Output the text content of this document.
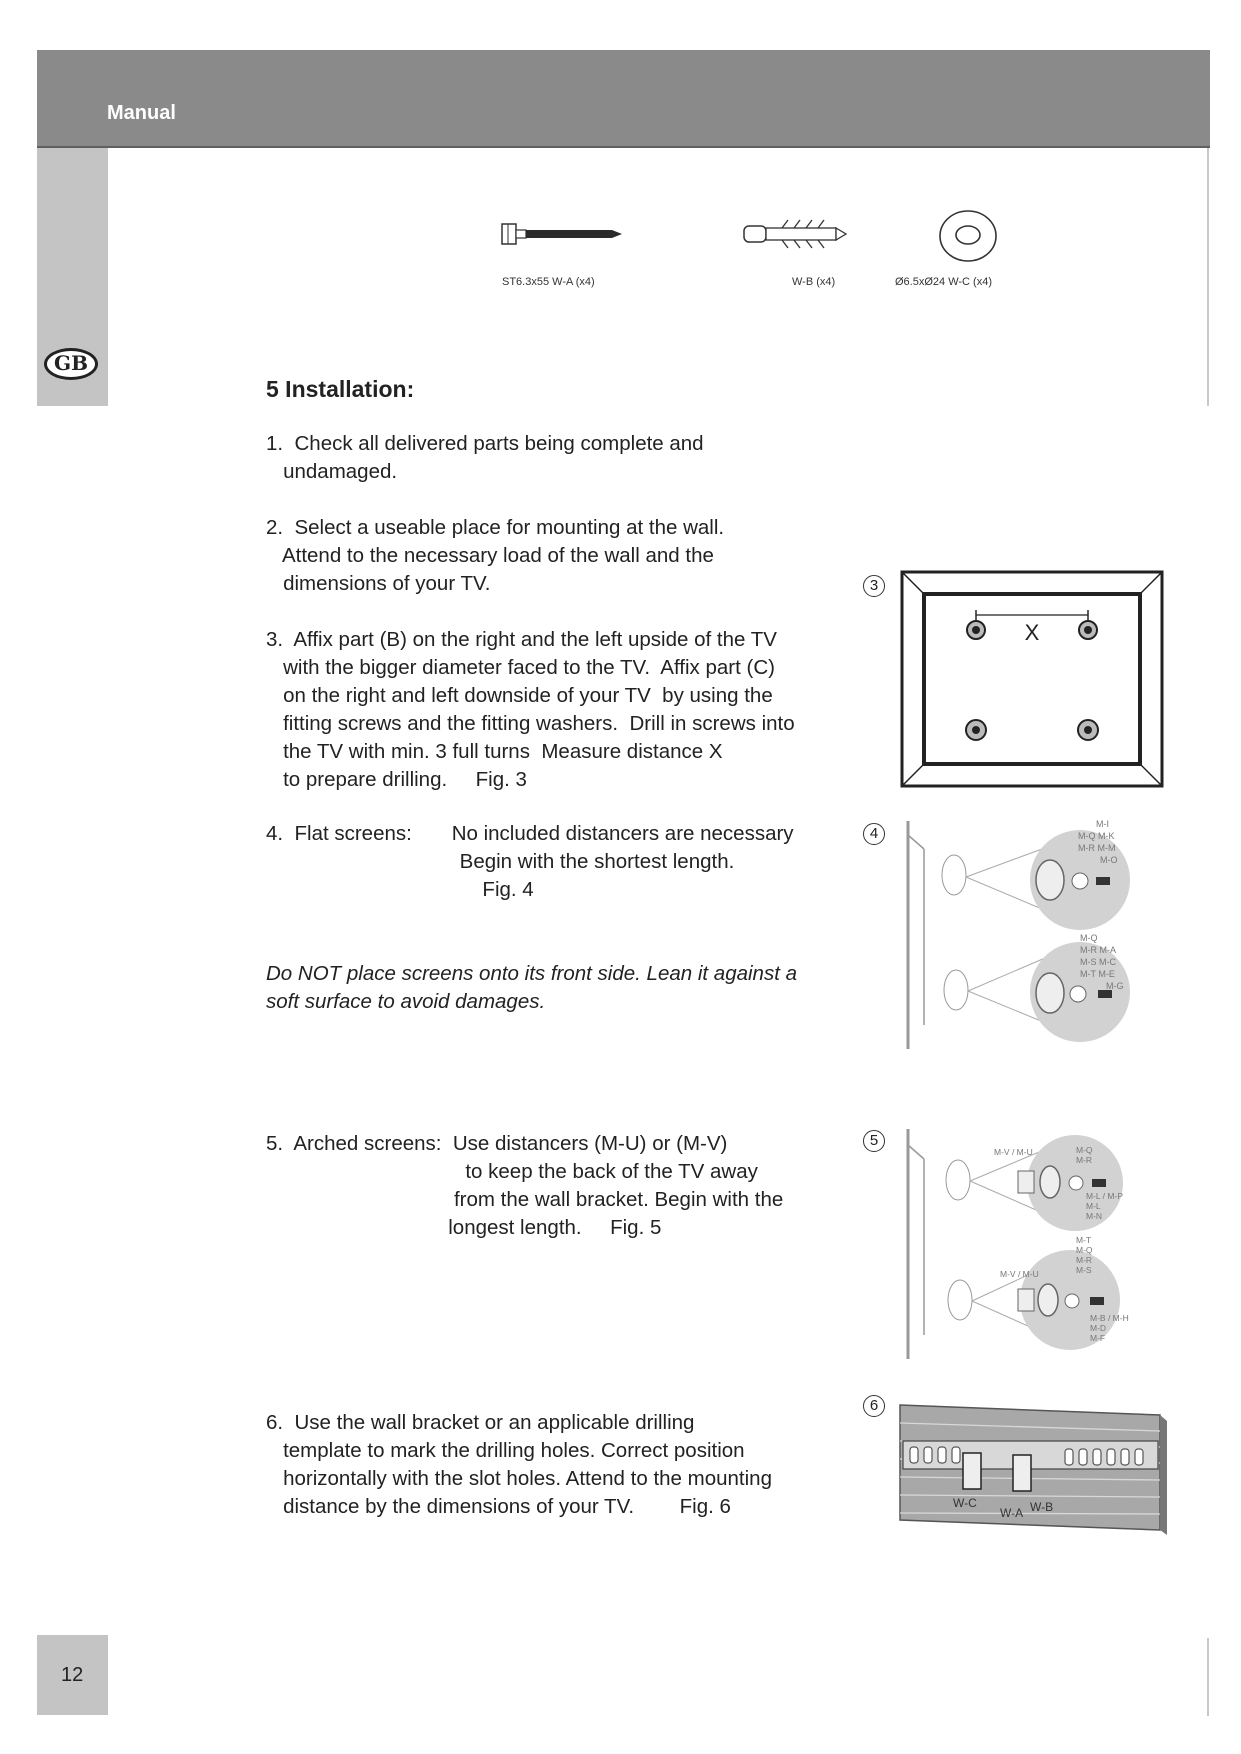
Manual
GB
ST6.3x55 W-A (x4)	W-B (x4)	Ø6.5xØ24 W-C (x4)
5 Installation:
1.  Check all delivered parts being complete and
undamaged.
2.  Select a useable place for mounting at the wall.
Attend to the necessary load of the wall and the
dimensions of your TV.
3.  Affix part (B) on the right and the left upside of the TV
with the bigger diameter faced to the TV.  Affix part (C)
on the right and left downside of your TV  by using the
fitting screws and the fitting washers.  Drill in screws into
the TV with min. 3 full turns  Measure distance X
to prepare drilling.     Fig. 3
4.  Flat screens:       No included distancers are necessary
Begin with the shortest length.
Fig. 4
Do NOT place screens onto its front side. Lean it against a
soft surface to avoid damages.
5.  Arched screens:  Use distancers (M-U) or (M-V)
to keep the back of the TV away
from the wall bracket. Begin with the
longest length.     Fig. 5
6.  Use the wall bracket or an applicable drilling
template to mark the drilling holes. Correct position
horizontally with the slot holes. Attend to the mounting
distance by the dimensions of your TV.        Fig. 6
3
X
4
M-I
M-Q M-K
M-R M-M
M-O
M-Q
M-R M-A
M-S M-C
M-T M-E
M-G
5
M-V / M-U	M-Q
M-R
M-L / M-P
M-L
M-N
M-T
M-Q
M-R
M-S
M-V / M-U
M-B / M-H
M-D
M-F
6
W-C
W-A W-B
12
